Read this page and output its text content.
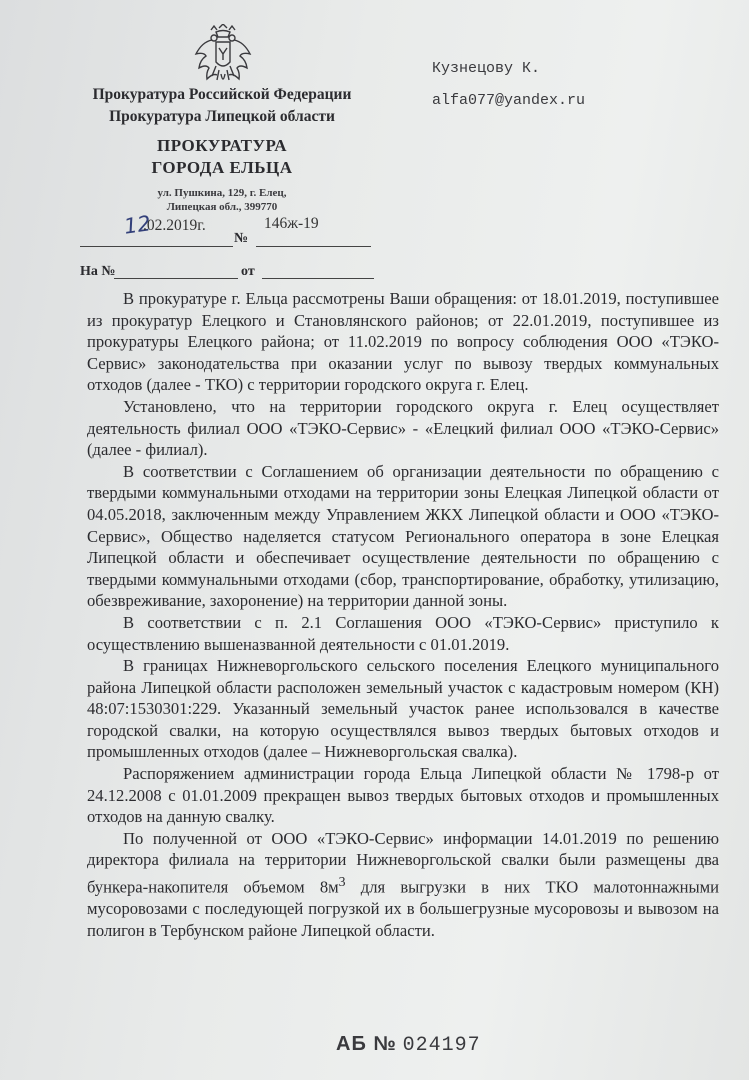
Прокуратура Российской Федерации
Прокуратура Липецкой области
ПРОКУРАТУРА
ГОРОДА ЕЛЬЦА
ул. Пушкина, 129, г. Елец,
Липецкая обл., 399770
12
.02.2019г.	146ж-19
№
На №	от
Кузнецову К.
alfa077@yandex.ru

В прокуратуре г. Ельца рассмотрены Ваши обращения: от 18.01.2019, поступившее из прокуратур Елецкого и Становлянского районов; от 22.01.2019, поступившее из прокуратуры Елецкого района; от 11.02.2019 по вопросу соблюдения ООО «ТЭКО-Сервис» законодательства при оказании услуг по вывозу твердых коммунальных отходов (далее - ТКО) с территории городского округа г. Елец.

Установлено, что на территории городского округа г. Елец осуществляет деятельность филиал ООО «ТЭКО-Сервис» - «Елецкий филиал ООО «ТЭКО-Сервис» (далее - филиал).

В соответствии с Соглашением об организации деятельности по обращению с твердыми коммунальными отходами на территории зоны Елецкая Липецкой области от 04.05.2018, заключенным между Управлением ЖКХ Липецкой области и ООО «ТЭКО-Сервис», Общество наделяется статусом Регионального оператора в зоне Елецкая Липецкой области и обеспечивает осуществление деятельности по обращению с твердыми коммунальными отходами (сбор, транспортирование, обработку, утилизацию, обезвреживание, захоронение) на территории данной зоны.

В соответствии с п. 2.1 Соглашения ООО «ТЭКО-Сервис» приступило к осуществлению вышеназванной деятельности с 01.01.2019.

В границах Нижневоргольского сельского поселения Елецкого муниципального района Липецкой области расположен земельный участок с кадастровым номером (КН) 48:07:1530301:229. Указанный земельный участок ранее использовался в качестве городской свалки, на которую осуществлялся вывоз твердых бытовых отходов и промышленных отходов (далее – Нижневоргольская свалка).

Распоряжением администрации города Ельца Липецкой области № 1798-р от 24.12.2008 с 01.01.2009 прекращен вывоз твердых бытовых отходов и промышленных отходов на данную свалку.

По полученной от ООО «ТЭКО-Сервис» информации 14.01.2019 по решению директора филиала на территории Нижневоргольской свалки были размещены два бункера-накопителя объемом $8м^3$ для выгрузки в них ТКО малотоннажными мусоровозами с последующей погрузкой их в большегрузные мусоровозы и вывозом на полигон в Тербунском районе Липецкой области.

АБ № 024197
